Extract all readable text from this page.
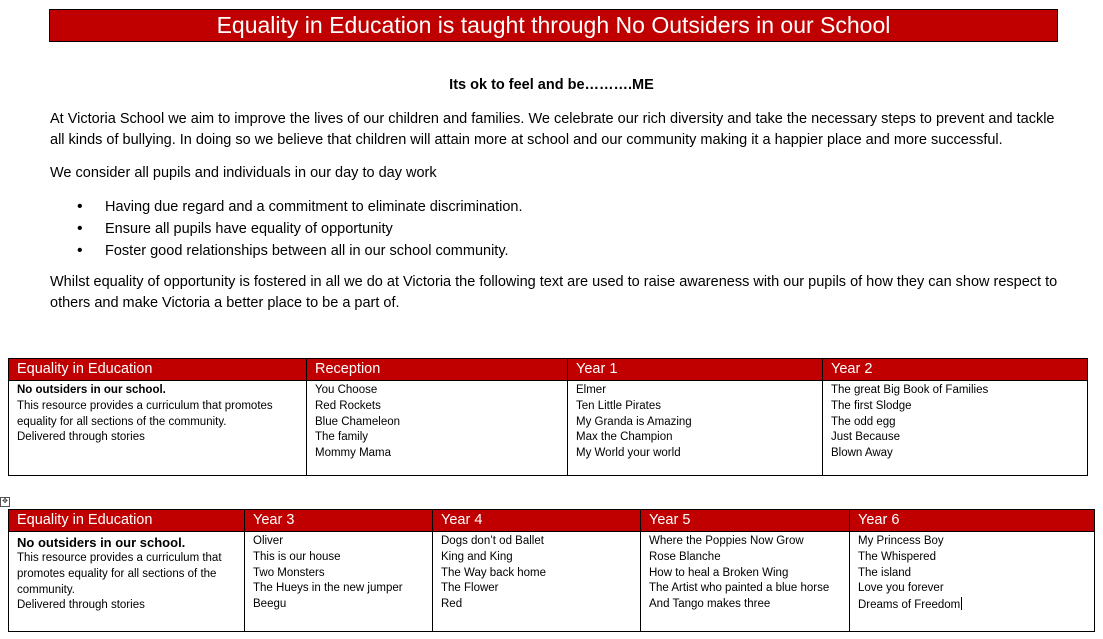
Equality in Education is taught through No Outsiders in our School
Its ok to feel and be……….ME

At Victoria School we aim to improve the lives of our children and families. We celebrate our rich diversity and take the necessary steps to prevent and tackle all kinds of bullying. In doing so we believe that children will attain more at school and our community making it a happier place and more successful.

We consider all pupils and individuals in our day to day work

• Having due regard and a commitment to eliminate discrimination.
• Ensure all pupils have equality of opportunity
• Foster good relationships between all in our school community.

Whilst equality of opportunity is fostered in all we do at Victoria the following text are used to raise awareness with our pupils of how they can show respect to others and make Victoria a better place to be a part of.

Equality in Education	Reception	Year 1	Year 2

No outsiders in our school.
This resource provides a curriculum that promotes
equality for all sections of the community.
Delivered through stories	You Choose
Red Rockets
Blue Chameleon
The family
Mommy Mama	Elmer
Ten Little Pirates
My Granda is Amazing
Max the Champion
My World your world	The great Big Book of Families
The first Slodge
The odd egg
Just Because
Blown Away
✥
Equality in Education	Year 3	Year 4	Year 5	Year 6

No outsiders in our school.
This resource provides a curriculum that
promotes equality for all sections of the
community.
Delivered through stories	Oliver
This is our house
Two Monsters
The Hueys in the new jumper
Beegu	Dogs don’t od Ballet
King and King
The Way back home
The Flower
Red	Where the Poppies Now Grow
Rose Blanche
How to heal a Broken Wing
The Artist who painted a blue horse
And Tango makes three	My Princess Boy
The Whispered
The island
Love you forever
Dreams of Freedom
